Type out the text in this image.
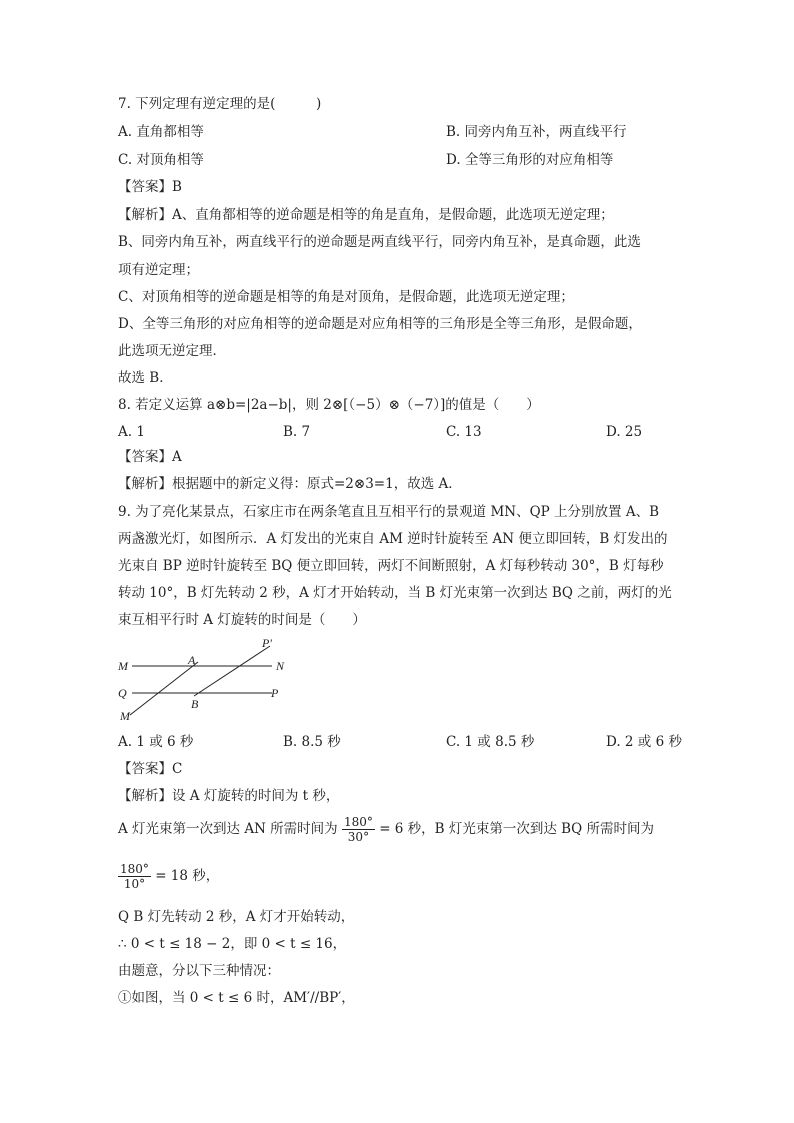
7. 下列定理有逆定理的是(　　　)
A. 直角都相等	B. 同旁内角互补，两直线平行
C. 对顶角相等	D. 全等三角形的对应角相等
【答案】B
【解析】A、直角都相等的逆命题是相等的角是直角，是假命题，此选项无逆定理；
B、同旁内角互补，两直线平行的逆命题是两直线平行，同旁内角互补，是真命题，此选
项有逆定理；
C、对顶角相等的逆命题是相等的角是对顶角，是假命题，此选项无逆定理；
D、全等三角形的对应角相等的逆命题是对应角相等的三角形是全等三角形，是假命题，
此选项无逆定理．
故选 B．
8. 若定义运算 a⊗b=|2a−b|，则 2⊗[（−5）⊗（−7）]的值是（　　）
A. 1	B. 7	C. 13	D. 25
【答案】A
【解析】根据题中的新定义得：原式=2⊗3=1，故选 A．
9. 为了亮化某景点，石家庄市在两条笔直且互相平行的景观道 MN、QP 上分别放置 A、B
两盏激光灯，如图所示．A 灯发出的光束自 AM 逆时针旋转至 AN 便立即回转，B 灯发出的
光束自 BP 逆时针旋转至 BQ 便立即回转，两灯不间断照射，A 灯每秒转动 30°，B 灯每秒
转动 10°，B 灯先转动 2 秒，A 灯才开始转动，当 B 灯光束第一次到达 BQ 之前，两灯的光
束互相平行时 A 灯旋转的时间是（　　）
M	N
A
P′
Q	P
B
M
A. 1 或 6 秒	B. 8.5 秒	C. 1 或 8.5 秒	D. 2 或 6 秒
【答案】C
【解析】设 A 灯旋转的时间为 t 秒，
A 灯光束第一次到达 AN 所需时间为 $\frac{180^\circ}{30^\circ} = 6$ 秒，B 灯光束第一次到达 BQ 所需时间为
$\frac{180^\circ}{10^\circ} = 18$ 秒，
Q B 灯先转动 2 秒，A 灯才开始转动，
∴ 0 < t ≤ 18 − 2，即 0 < t ≤ 16，
由题意，分以下三种情况：
①如图，当 0 < t ≤ 6 时，AM′//BP′，
